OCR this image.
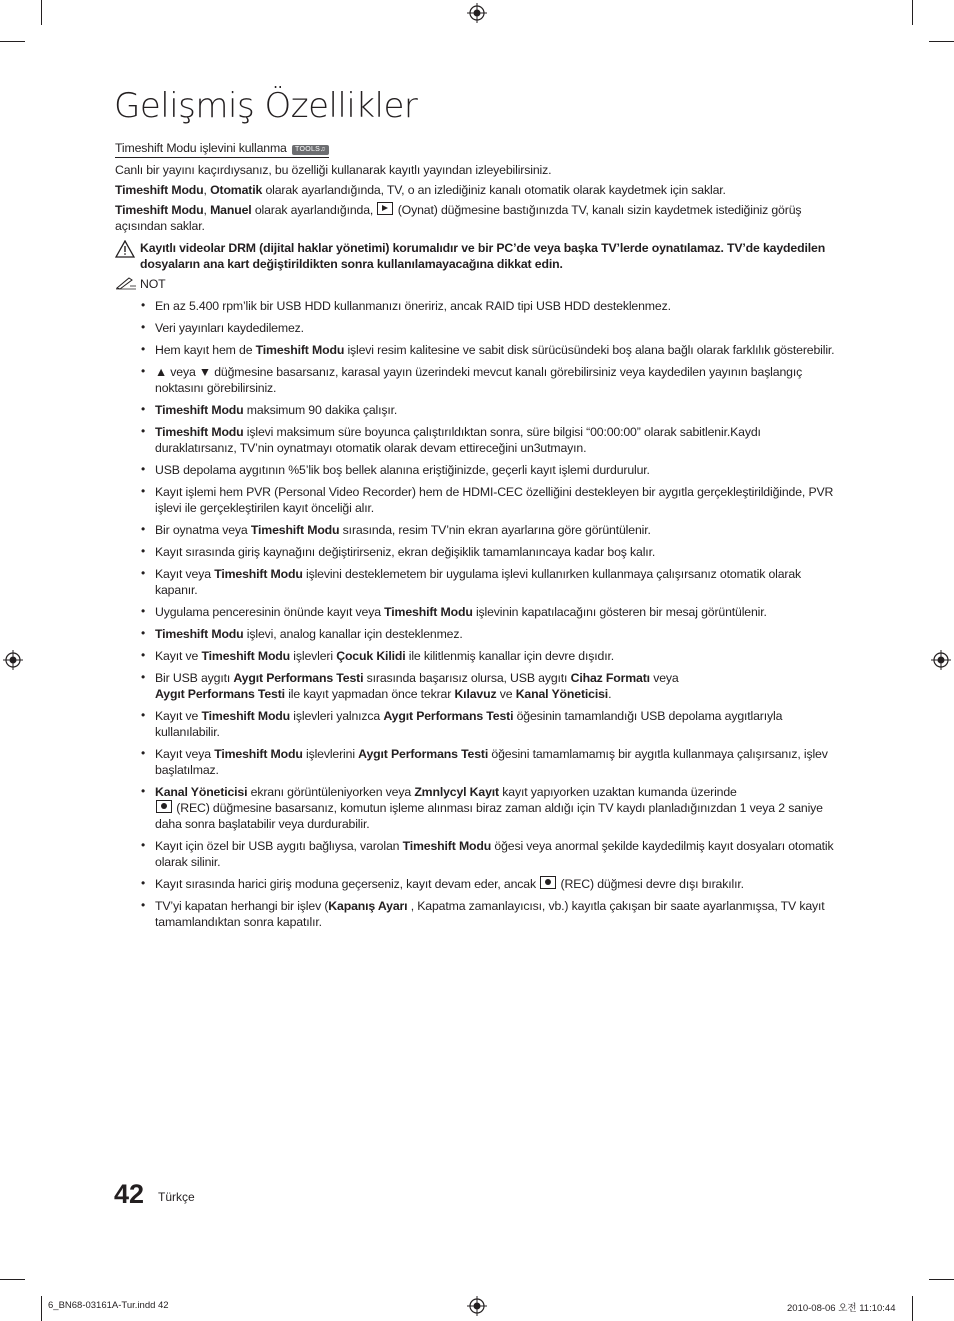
Gelişmiş Özellikler
Timeshift Modu işlevini kullanma TOOLS♫

Canlı bir yayını kaçırdıysanız, bu özelliği kullanarak kayıtlı yayından izleyebilirsiniz.

Timeshift Modu, Otomatik olarak ayarlandığında, TV, o an izlediğiniz kanalı otomatik olarak kaydetmek için saklar.

Timeshift Modu, Manuel olarak ayarlandığında,  (Oynat) düğmesine bastığınızda TV, kanalı sizin kaydetmek istediğiniz görüş açısından saklar.

Kayıtlı videolar DRM (dijital haklar yönetimi) korumalıdır ve bir PC’de veya başka TV’lerde oynatılamaz. TV’de kaydedilen dosyaların ana kart değiştirildikten sonra kullanılamayacağına dikkat edin.
NOT
• En az 5.400 rpm’lik bir USB HDD kullanmanızı öneririz, ancak RAID tipi USB HDD desteklenmez.
• Veri yayınları kaydedilemez.
• Hem kayıt hem de Timeshift Modu işlevi resim kalitesine ve sabit disk sürücüsündeki boş alana bağlı olarak farklılık gösterebilir.
• ▲ veya ▼ düğmesine basarsanız, karasal yayın üzerindeki mevcut kanalı görebilirsiniz veya kaydedilen yayının başlangıç noktasını görebilirsiniz.
• Timeshift Modu maksimum 90 dakika çalışır.
• Timeshift Modu işlevi maksimum süre boyunca çalıştırıldıktan sonra, süre bilgisi “00:00:00” olarak sabitlenir.Kaydı duraklatırsanız, TV’nin oynatmayı otomatik olarak devam ettireceğini un3utmayın.
• USB depolama aygıtının %5’lik boş bellek alanına eriştiğinizde, geçerli kayıt işlemi durdurulur.
• Kayıt işlemi hem PVR (Personal Video Recorder) hem de HDMI-CEC özelliğini destekleyen bir aygıtla gerçekleştirildiğinde, PVR işlevi ile gerçekleştirilen kayıt önceliği alır.
• Bir oynatma veya Timeshift Modu sırasında, resim TV’nin ekran ayarlarına göre görüntülenir.
• Kayıt sırasında giriş kaynağını değiştirirseniz, ekran değişiklik tamamlanıncaya kadar boş kalır.
• Kayıt veya Timeshift Modu işlevini desteklemetem bir uygulama işlevi kullanırken kullanmaya çalışırsanız otomatik olarak kapanır.
• Uygulama penceresinin önünde kayıt veya Timeshift Modu işlevinin kapatılacağını gösteren bir mesaj görüntülenir.
• Timeshift Modu işlevi, analog kanallar için desteklenmez.
• Kayıt ve Timeshift Modu işlevleri Çocuk Kilidi ile kilitlenmiş kanallar için devre dışıdır.
• Bir USB aygıtı Aygıt Performans Testi sırasında başarısız olursa, USB aygıtı Cihaz Formatı veya
Aygıt Performans Testi ile kayıt yapmadan önce tekrar Kılavuz ve Kanal Yöneticisi.
• Kayıt ve Timeshift Modu işlevleri yalnızca Aygıt Performans Testi öğesinin tamamlandığı USB depolama aygıtlarıyla kullanılabilir.
• Kayıt veya Timeshift Modu işlevlerini Aygıt Performans Testi öğesini tamamlamamış bir aygıtla kullanmaya çalışırsanız, işlev başlatılmaz.
• Kanal Yöneticisi ekranı görüntüleniyorken veya Zmnlycyl Kayıt kayıt yapıyorken uzaktan kumanda üzerinde
(REC) düğmesine basarsanız, komutun işleme alınması biraz zaman aldığı için TV kaydı planladığınızdan 1 veya 2 saniye daha sonra başlatabilir veya durdurabilir.
• Kayıt için özel bir USB aygıtı bağlıysa, varolan Timeshift Modu öğesi veya anormal şekilde kaydedilmiş kayıt dosyaları otomatik olarak silinir.
• Kayıt sırasında harici giriş moduna geçerseniz, kayıt devam eder, ancak  (REC) düğmesi devre dışı bırakılır.
• TV’yi kapatan herhangi bir işlev (Kapanış Ayarı , Kapatma zamanlayıcısı, vb.) kayıtla çakışan bir saate ayarlanmışsa, TV kayıt tamamlandıktan sonra kapatılır.
42 Türkçe
6_BN68-03161A-Tur.indd 42	2010-08-06 오전 11:10:44
